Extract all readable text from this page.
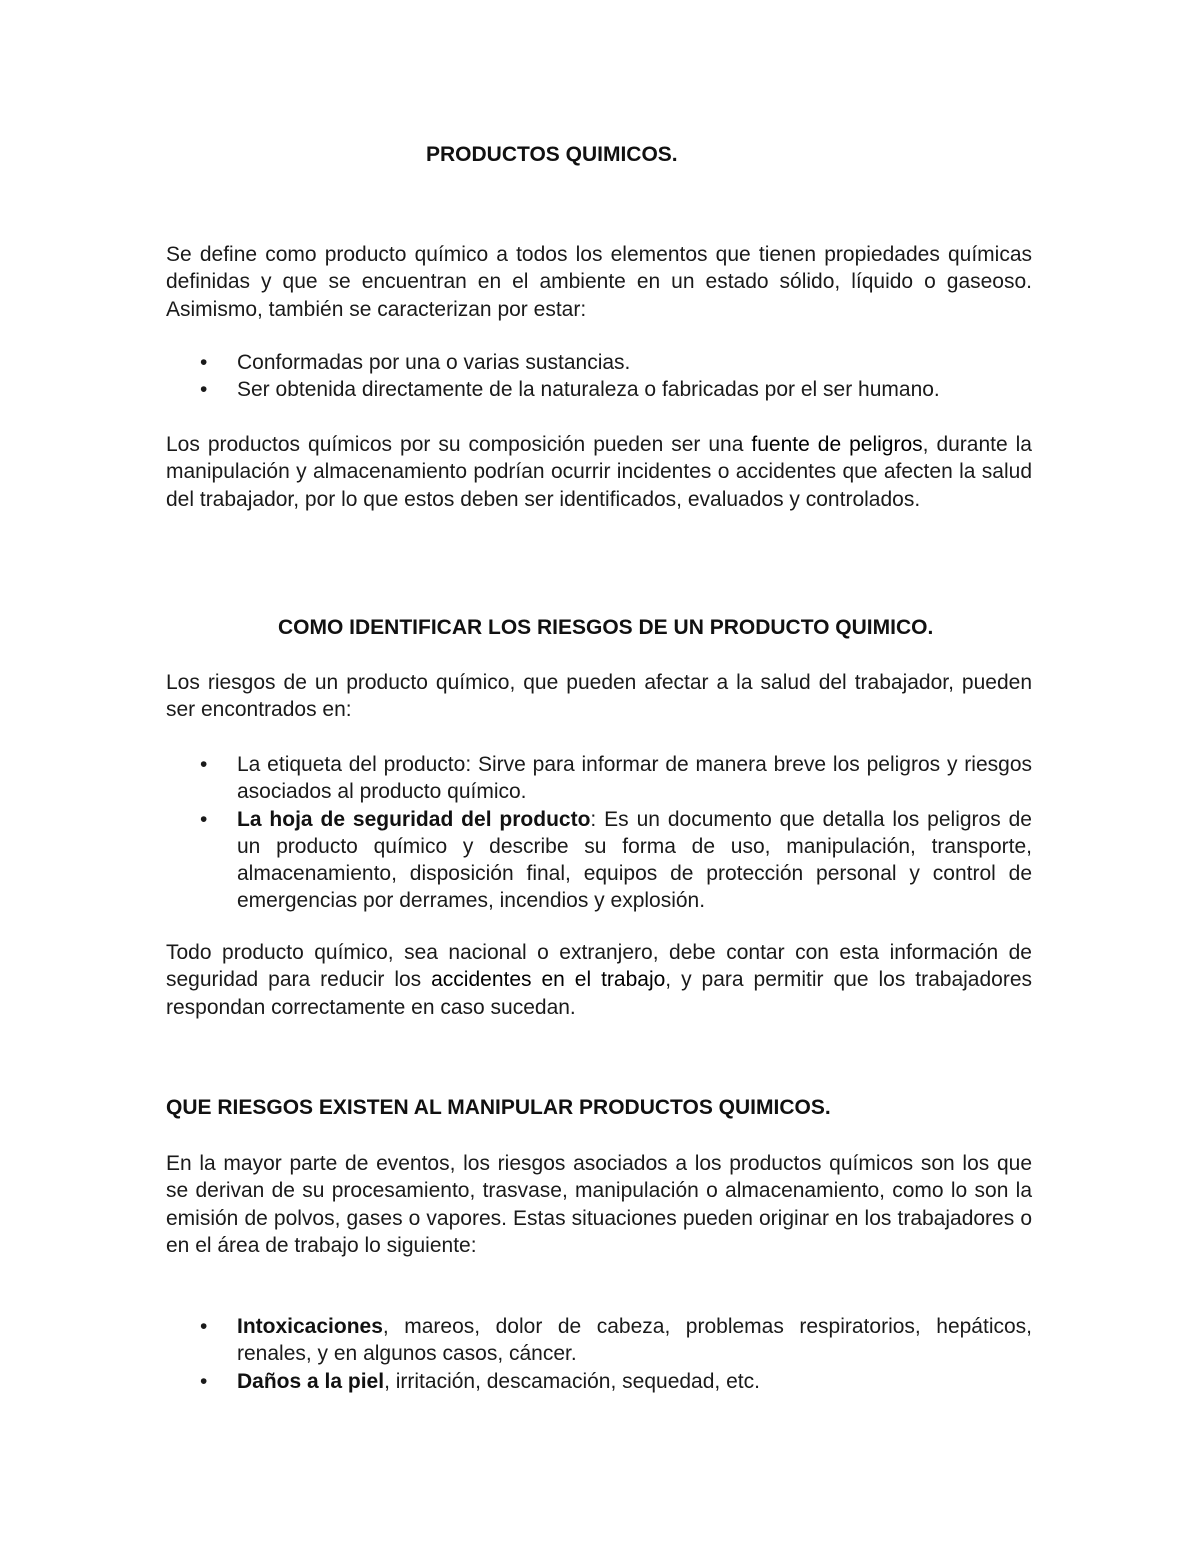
PRODUCTOS QUIMICOS.

Se define como producto químico a todos los elementos que tienen propiedades químicas definidas y que se encuentran en el ambiente en un estado sólido, líquido o gaseoso. Asimismo, también se caracterizan por estar:

• Conformadas por una o varias sustancias.
• Ser obtenida directamente de la naturaleza o fabricadas por el ser humano.

Los productos químicos por su composición pueden ser una fuente de peligros, durante la manipulación y almacenamiento podrían ocurrir incidentes o accidentes que afecten la salud del trabajador, por lo que estos deben ser identificados, evaluados y controlados.

COMO IDENTIFICAR LOS RIESGOS DE UN PRODUCTO QUIMICO.

Los riesgos de un producto químico, que pueden afectar a la salud del trabajador, pueden ser encontrados en:

• La etiqueta del producto: Sirve para informar de manera breve los peligros y riesgos asociados al producto químico.
• La hoja de seguridad del producto: Es un documento que detalla los peligros de un producto químico y describe su forma de uso, manipulación, transporte, almacenamiento, disposición final, equipos de protección personal y control de emergencias por derrames, incendios y explosión.

Todo producto químico, sea nacional o extranjero, debe contar con esta información de seguridad para reducir los accidentes en el trabajo, y para permitir que los trabajadores respondan correctamente en caso sucedan.

QUE RIESGOS EXISTEN AL MANIPULAR PRODUCTOS QUIMICOS.

En la mayor parte de eventos, los riesgos asociados a los productos químicos son los que se derivan de su procesamiento, trasvase, manipulación o almacenamiento, como lo son la emisión de polvos, gases o vapores. Estas situaciones pueden originar en los trabajadores o en el área de trabajo lo siguiente:

• Intoxicaciones, mareos, dolor de cabeza, problemas respiratorios, hepáticos, renales, y en algunos casos, cáncer.
• Daños a la piel, irritación, descamación, sequedad, etc.
